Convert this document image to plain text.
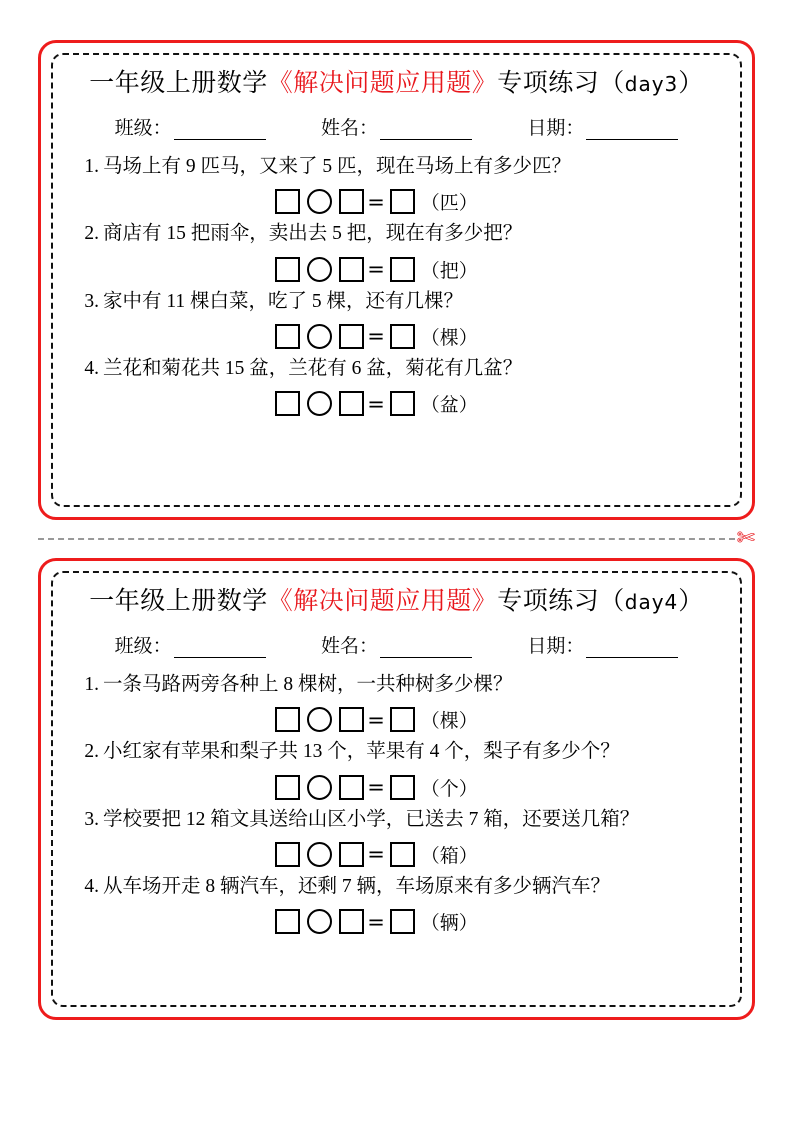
一年级上册数学《解决问题应用题》专项练习（day3）
班级：	姓名：	日期：
1. 马场上有 9 匹马，又来了 5 匹，现在马场上有多少匹？
= （匹）
2. 商店有 15 把雨伞，卖出去 5 把，现在有多少把？
= （把）
3. 家中有 11 棵白菜，吃了 5 棵，还有几棵？
= （棵）
4. 兰花和菊花共 15 盆，兰花有 6 盆，菊花有几盆？
= （盆）
✄
一年级上册数学《解决问题应用题》专项练习（day4）
班级：	姓名：	日期：
1. 一条马路两旁各种上 8 棵树，一共种树多少棵？
= （棵）
2. 小红家有苹果和梨子共 13 个，苹果有 4 个，梨子有多少个？
= （个）
3. 学校要把 12 箱文具送给山区小学，已送去 7 箱，还要送几箱？
= （箱）
4. 从车场开走 8 辆汽车，还剩 7 辆，车场原来有多少辆汽车？
= （辆）
